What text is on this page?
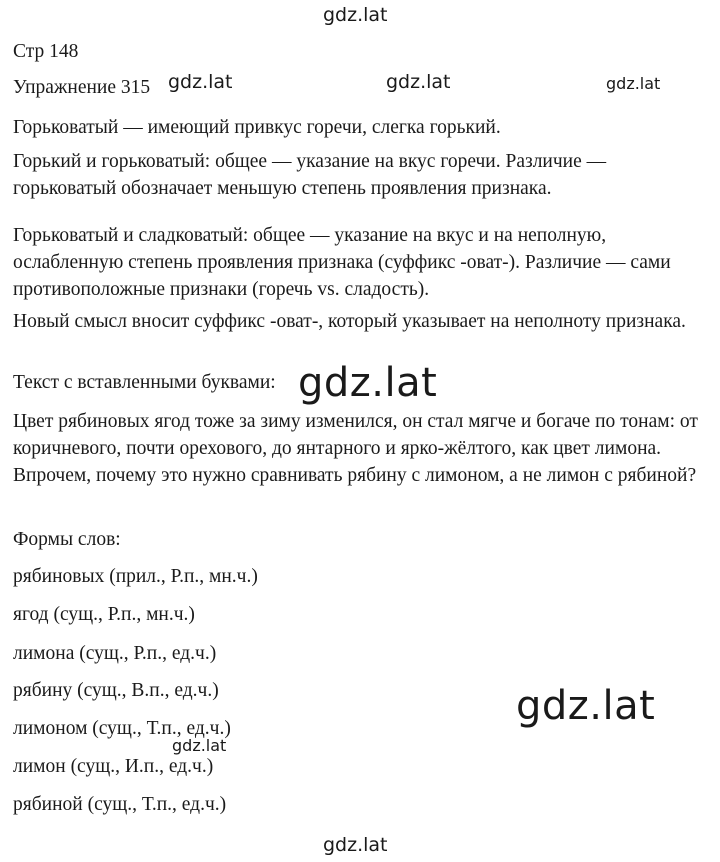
gdz.lat
gdz.lat	gdz.lat	gdz.lat
gdz.lat
gdz.lat
gdz.lat
gdz.lat

Стр 148

Упражнение 315

Горьковатый — имеющий привкус горечи, слегка горький.

Горький и горьковатый: общее — указание на вкус горечи. Различие — горьковатый обозначает меньшую степень проявления признака.

Горьковатый и сладковатый: общее — указание на вкус и на неполную, ослабленную степень проявления признака (суффикс -оват-). Различие — сами противоположные признаки (горечь vs. сладость).

Новый смысл вносит суффикс -оват-, который указывает на неполноту признака.

Текст с вставленными буквами:

Цвет рябиновых ягод тоже за зиму изменился, он стал мягче и богаче по тонам: от коричневого, почти орехового, до янтарного и ярко-жёлтого, как цвет лимона. Впрочем, почему это нужно сравнивать рябину с лимоном, а не лимон с рябиной?

Формы слов:

рябиновых (прил., Р.п., мн.ч.)

ягод (сущ., Р.п., мн.ч.)

лимона (сущ., Р.п., ед.ч.)

рябину (сущ., В.п., ед.ч.)

лимоном (сущ., Т.п., ед.ч.)

лимон (сущ., И.п., ед.ч.)

рябиной (сущ., Т.п., ед.ч.)
